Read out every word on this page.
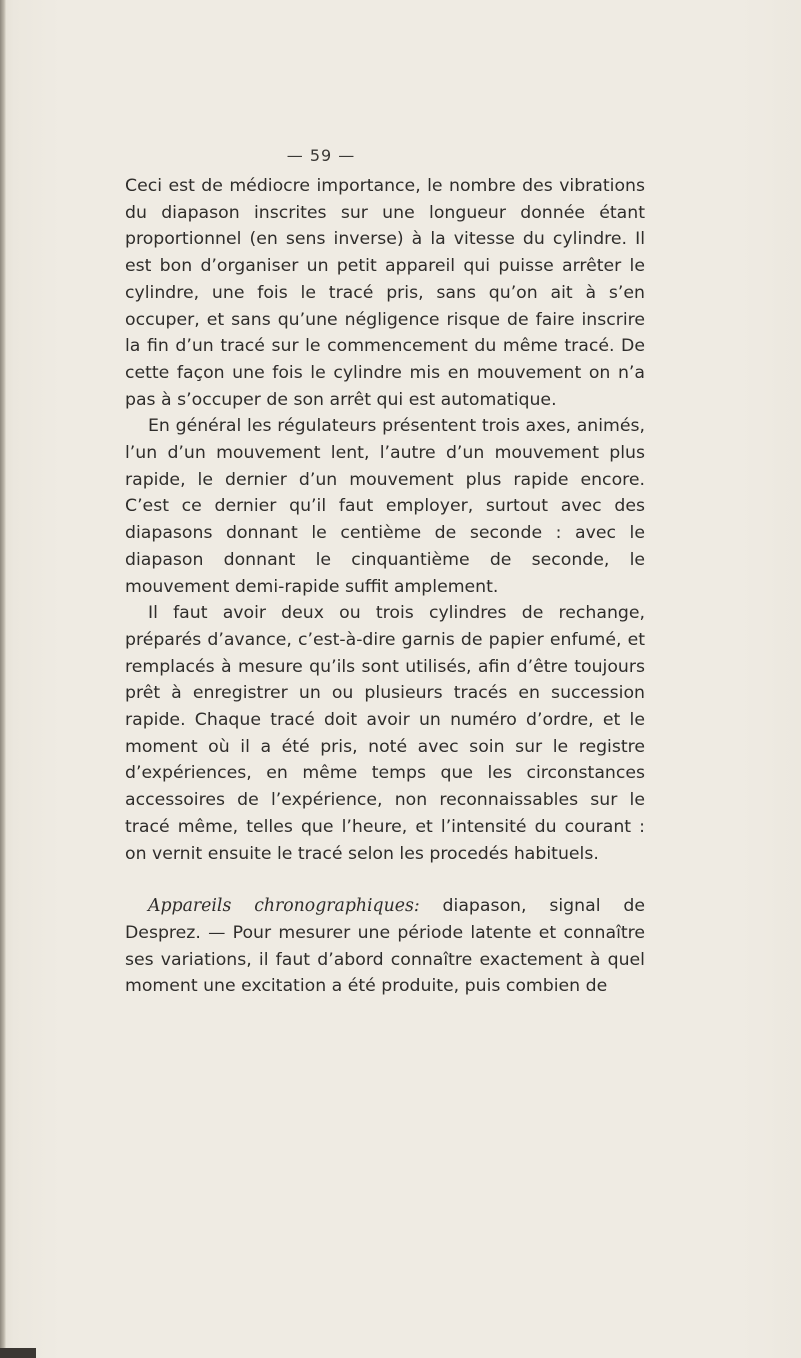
— 59 —

Ceci est de médiocre importance, le nombre des vibrations du diapason inscrites sur une longueur donnée étant proportionnel (en sens inverse) à la vitesse du cylindre. Il est bon d’organiser un petit appareil qui puisse arrêter le cylindre, une fois le tracé pris, sans qu’on ait à s’en occuper, et sans qu’une négligence risque de faire inscrire la fin d’un tracé sur le commencement du même tracé. De cette façon une fois le cylindre mis en mouvement on n’a pas à s’occuper de son arrêt qui est automatique.

En général les régulateurs présentent trois axes, animés, l’un d’un mouvement lent, l’autre d’un mouvement plus rapide, le dernier d’un mouvement plus rapide encore. C’est ce dernier qu’il faut employer, surtout avec des diapasons donnant le centième de seconde : avec le diapason donnant le cinquantième de seconde, le mouvement demi-rapide suffit amplement.

Il faut avoir deux ou trois cylindres de rechange, préparés d’avance, c’est-à-dire garnis de papier enfumé, et remplacés à mesure qu’ils sont utilisés, afin d’être toujours prêt à enregistrer un ou plusieurs tracés en succession rapide. Chaque tracé doit avoir un numéro d’ordre, et le moment où il a été pris, noté avec soin sur le registre d’expériences, en même temps que les circonstances accessoires de l’expérience, non reconnaissables sur le tracé même, telles que l’heure, et l’intensité du courant : on vernit ensuite le tracé selon les procedés habituels.

Appareils chronographiques: diapason, signal de Desprez. — Pour mesurer une période latente et connaître ses variations, il faut d’abord connaître exactement à quel moment une excitation a été produite, puis combien de
